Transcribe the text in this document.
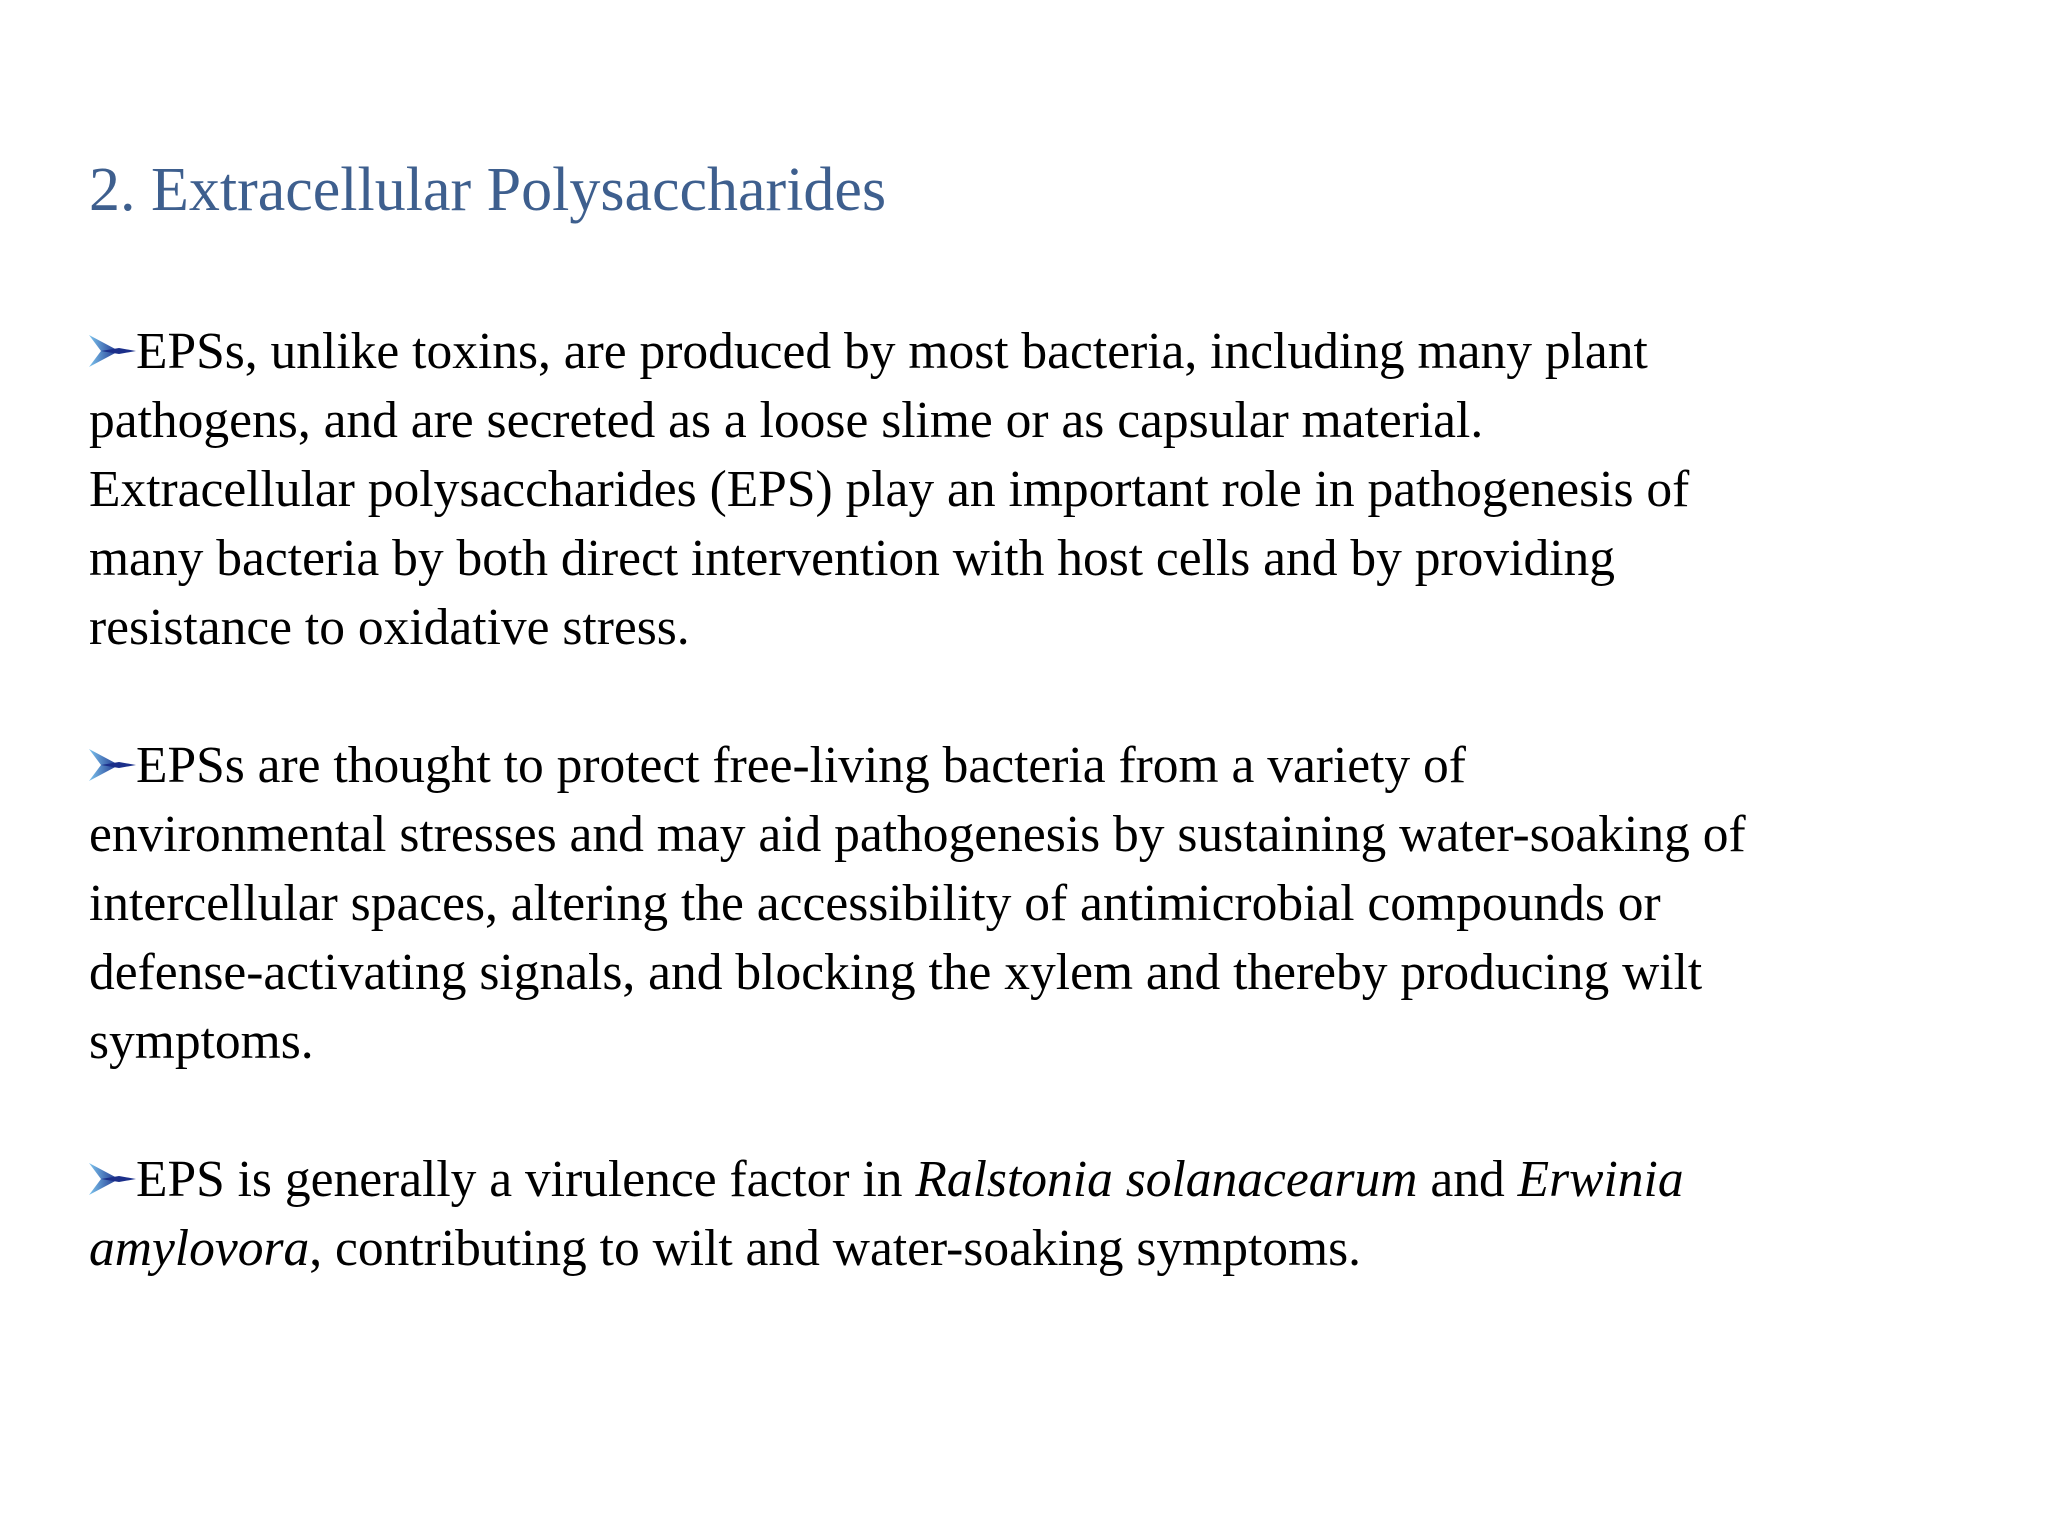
2. Extracellular Polysaccharides

EPSs, unlike toxins, are produced by most bacteria, including many plant
pathogens, and are secreted as a loose slime or as capsular material.
Extracellular polysaccharides (EPS) play an important role in pathogenesis of
many bacteria by both direct intervention with host cells and by providing
resistance to oxidative stress.

EPSs are thought to protect free-living bacteria from a variety of
environmental stresses and may aid pathogenesis by sustaining water-soaking of
intercellular spaces, altering the accessibility of antimicrobial compounds or
defense-activating signals, and blocking the xylem and thereby producing wilt
symptoms.

EPS is generally a virulence factor in Ralstonia solanacearum and Erwinia
amylovora, contributing to wilt and water-soaking symptoms.
